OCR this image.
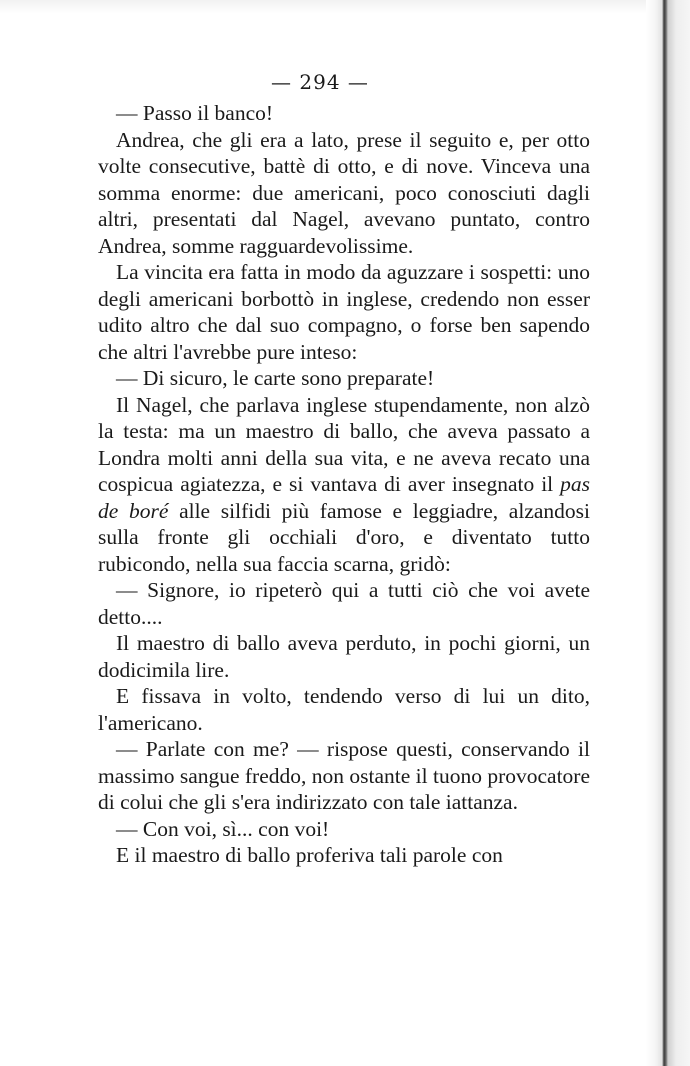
— 294 —

— Passo il banco!

Andrea, che gli era a lato, prese il seguito e, per otto volte consecutive, battè di otto, e di nove. Vinceva una somma enorme: due americani, poco conosciuti dagli altri, presentati dal Nagel, avevano puntato, contro Andrea, somme ragguardevolissime.

La vincita era fatta in modo da aguzzare i sospetti: uno degli americani borbottò in inglese, credendo non esser udito altro che dal suo compagno, o forse ben sapendo che altri l'avrebbe pure inteso:

— Di sicuro, le carte sono preparate!

Il Nagel, che parlava inglese stupendamente, non alzò la testa: ma un maestro di ballo, che aveva passato a Londra molti anni della sua vita, e ne aveva recato una cospicua agiatezza, e si vantava di aver insegnato il pas de boré alle silfidi più famose e leggiadre, alzandosi sulla fronte gli occhiali d'oro, e diventato tutto rubicondo, nella sua faccia scarna, gridò:

— Signore, io ripeterò qui a tutti ciò che voi avete detto....

Il maestro di ballo aveva perduto, in pochi giorni, un dodicimila lire.

E fissava in volto, tendendo verso di lui un dito, l'americano.

— Parlate con me? — rispose questi, conservando il massimo sangue freddo, non ostante il tuono provocatore di colui che gli s'era indirizzato con tale iattanza.

— Con voi, sì... con voi!

E il maestro di ballo proferiva tali parole con
